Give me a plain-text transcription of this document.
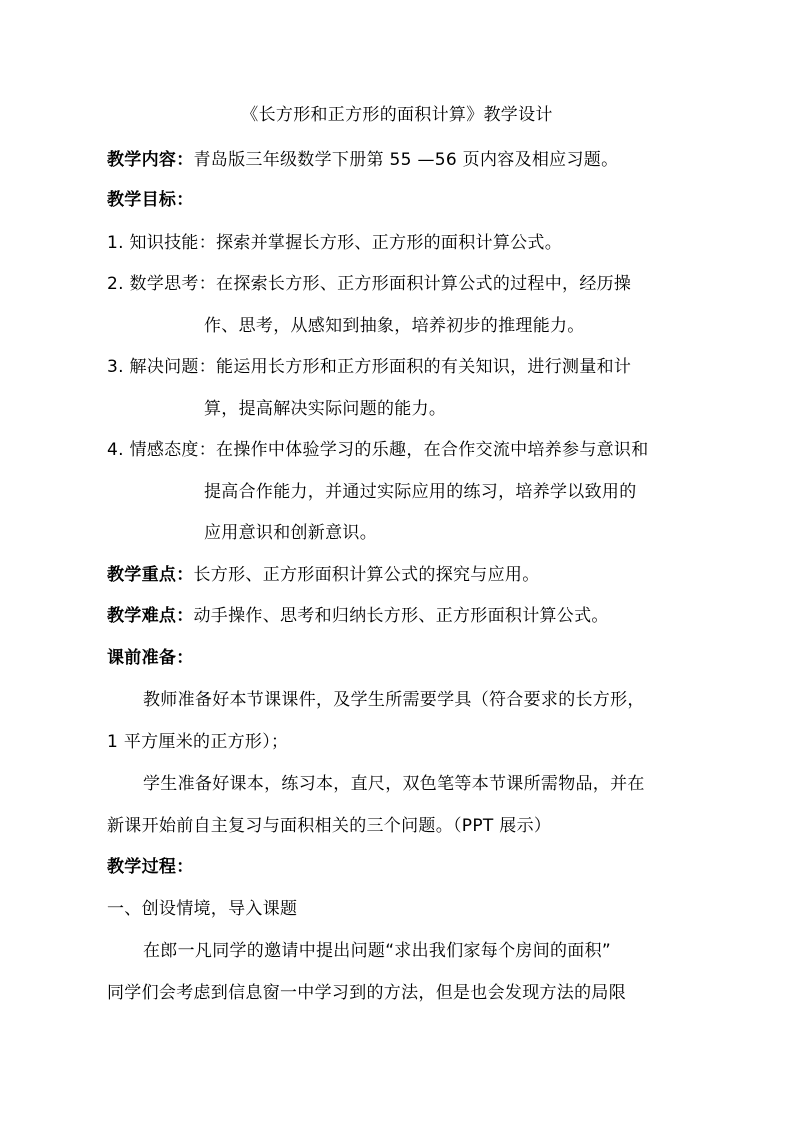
《长方形和正方形的面积计算》教学设计
教学内容：青岛版三年级数学下册第 55 —56 页内容及相应习题。
教学目标：
1. 知识技能：探索并掌握长方形、正方形的面积计算公式。
2. 数学思考：在探索长方形、正方形面积计算公式的过程中，经历操
作、思考，从感知到抽象，培养初步的推理能力。
3. 解决问题：能运用长方形和正方形面积的有关知识，进行测量和计
算，提高解决实际问题的能力。
4. 情感态度：在操作中体验学习的乐趣，在合作交流中培养参与意识和
提高合作能力，并通过实际应用的练习，培养学以致用的
应用意识和创新意识。
教学重点：长方形、正方形面积计算公式的探究与应用。
教学难点：动手操作、思考和归纳长方形、正方形面积计算公式。
课前准备：
教师准备好本节课课件，及学生所需要学具（符合要求的长方形，
1 平方厘米的正方形）；
学生准备好课本，练习本，直尺，双色笔等本节课所需物品，并在
新课开始前自主复习与面积相关的三个问题。（PPT 展示）
教学过程：
一、创设情境，导入课题
在郎一凡同学的邀请中提出问题“求出我们家每个房间的面积”
同学们会考虑到信息窗一中学习到的方法，但是也会发现方法的局限
